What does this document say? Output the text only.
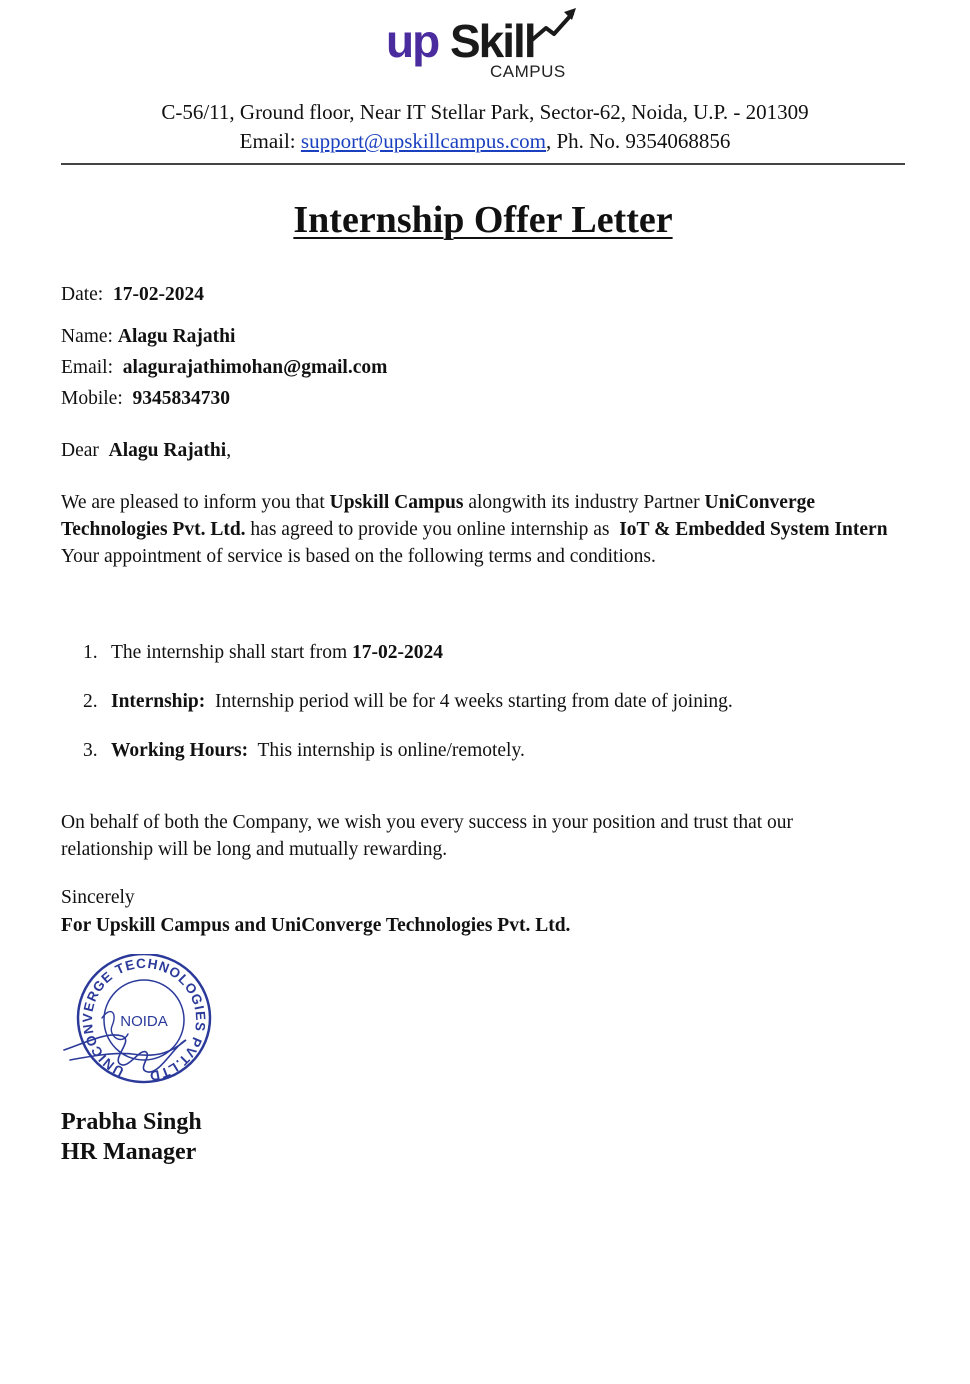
up Skill
CAMPUS
C-56/11, Ground floor, Near IT Stellar Park, Sector-62, Noida, U.P. - 201309
Email: support@upskillcampus.com, Ph. No. 9354068856
Internship Offer Letter
Date: 17-02-2024
Name: Alagu Rajathi
Email: alagurajathimohan@gmail.com
Mobile: 9345834730
Dear Alagu Rajathi,
We are pleased to inform you that Upskill Campus alongwith its industry Partner UniConverge Technologies Pvt. Ltd. has agreed to provide you online internship as  IoT & Embedded System Intern
Your appointment of service is based on the following terms and conditions.
1. The internship shall start from 17-02-2024
2. Internship: Internship period will be for 4 weeks starting from date of joining.
3. Working Hours: This internship is online/remotely.
On behalf of both the Company, we wish you every success in your position and trust that our relationship will be long and mutually rewarding.
Sincerely
For Upskill Campus and UniConverge Technologies Pvt. Ltd.
UNICONVERGE TECHNOLOGIES PVT.LTD
NOIDA
Prabha Singh
HR Manager
